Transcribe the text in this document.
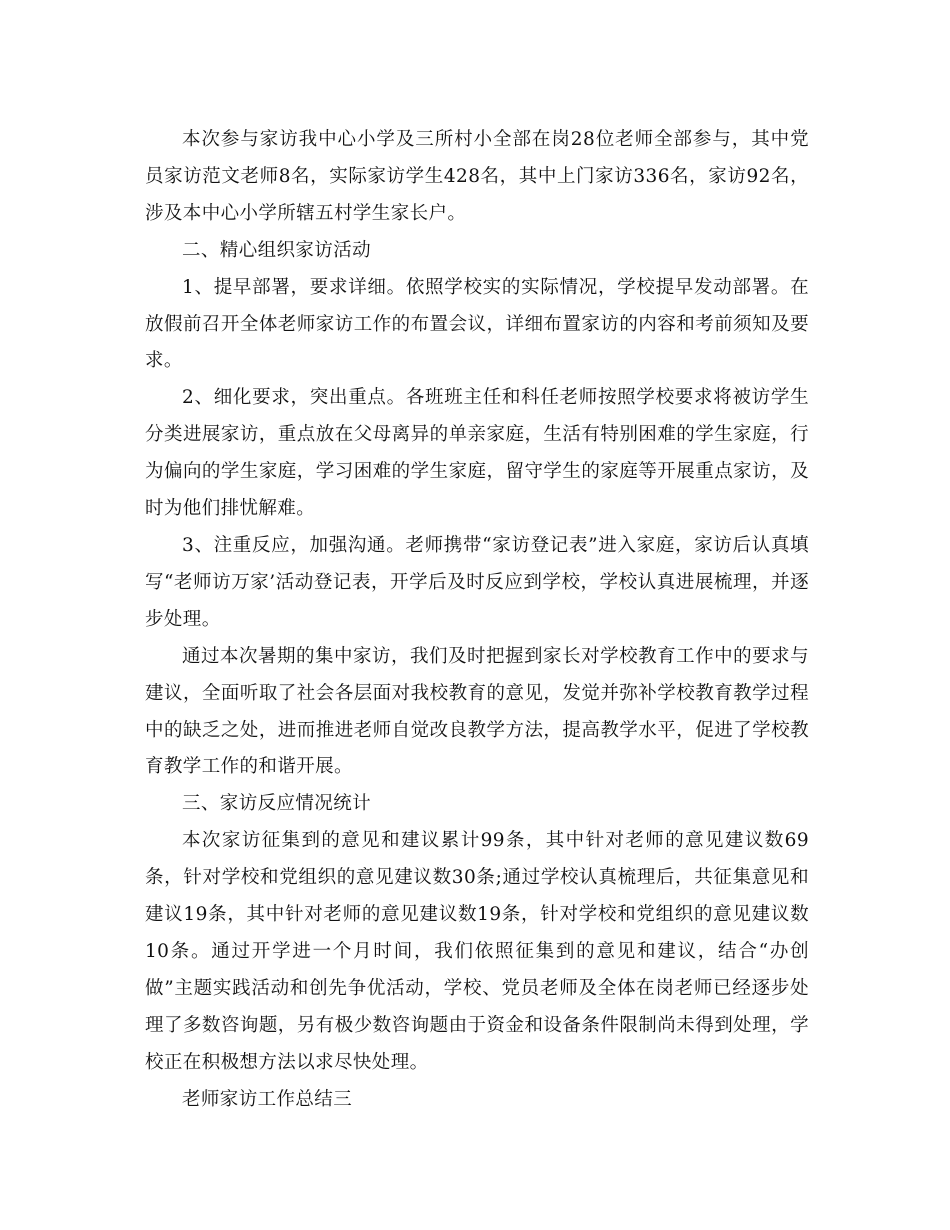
本次参与家访我中心小学及三所村小全部在岗28位老师全部参与，其中党员家访范文老师8名，实际家访学生428名，其中上门家访336名，家访92名，涉及本中心小学所辖五村学生家长户。

二、精心组织家访活动

1、提早部署，要求详细。依照学校实的实际情况，学校提早发动部署。在放假前召开全体老师家访工作的布置会议，详细布置家访的内容和考前须知及要求。

2、细化要求，突出重点。各班班主任和科任老师按照学校要求将被访学生分类进展家访，重点放在父母离异的单亲家庭，生活有特别困难的学生家庭，行为偏向的学生家庭，学习困难的学生家庭，留守学生的家庭等开展重点家访，及时为他们排忧解难。

3、注重反应，加强沟通。老师携带“家访登记表”进入家庭，家访后认真填写“老师访万家’活动登记表，开学后及时反应到学校，学校认真进展梳理，并逐步处理。

通过本次暑期的集中家访，我们及时把握到家长对学校教育工作中的要求与建议，全面听取了社会各层面对我校教育的意见，发觉并弥补学校教育教学过程中的缺乏之处，进而推进老师自觉改良教学方法，提高教学水平，促进了学校教育教学工作的和谐开展。

三、家访反应情况统计

本次家访征集到的意见和建议累计99条，其中针对老师的意见建议数69条，针对学校和党组织的意见建议数30条;通过学校认真梳理后，共征集意见和建议19条，其中针对老师的意见建议数19条，针对学校和党组织的意见建议数10条。通过开学进一个月时间，我们依照征集到的意见和建议，结合“办创做”主题实践活动和创先争优活动，学校、党员老师及全体在岗老师已经逐步处理了多数咨询题，另有极少数咨询题由于资金和设备条件限制尚未得到处理，学校正在积极想方法以求尽快处理。

老师家访工作总结三
